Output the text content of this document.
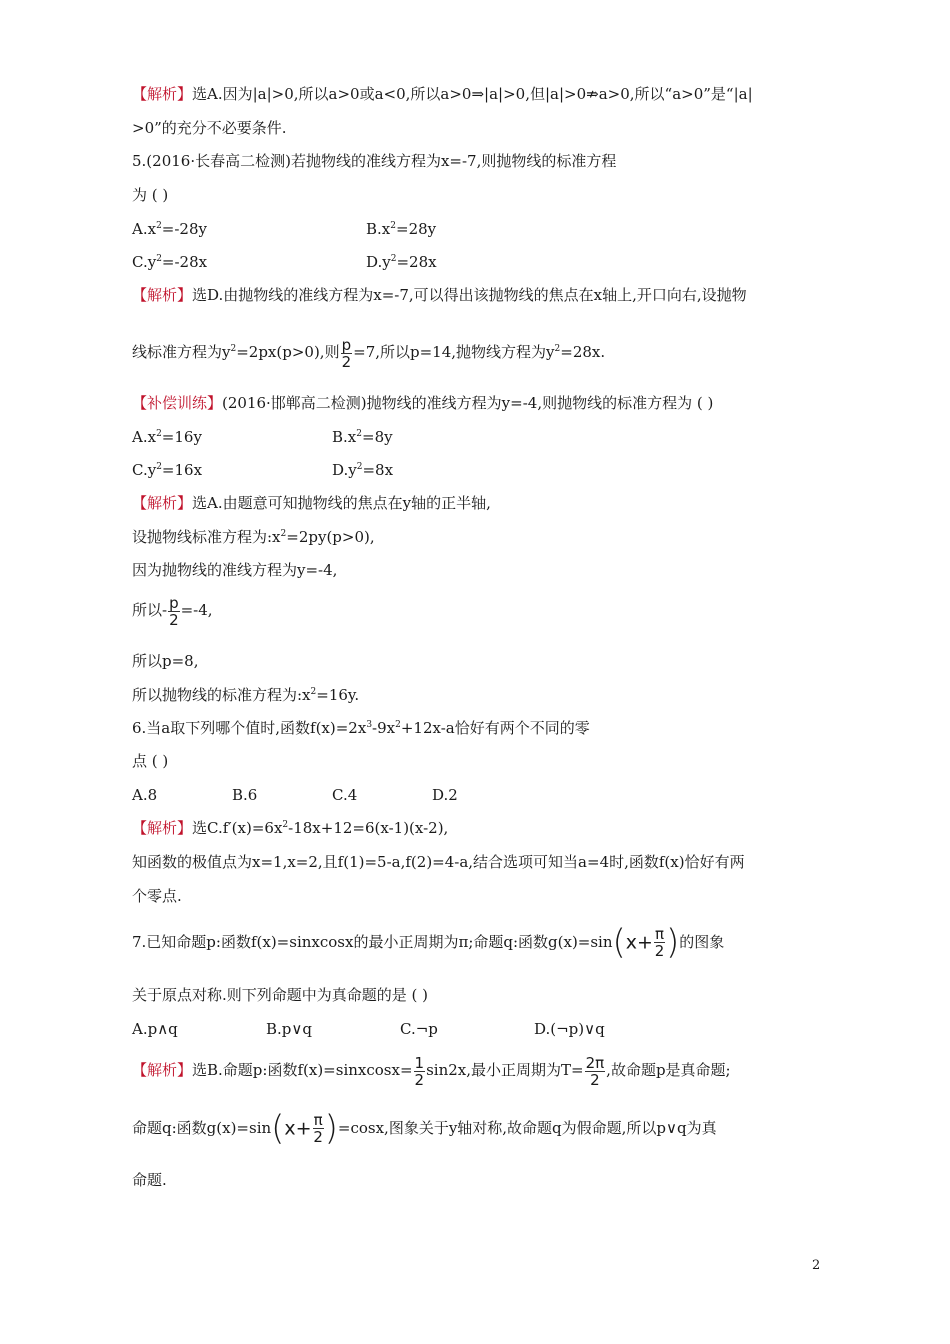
【解析】选A.因为|a|>0,所以a>0或a<0,所以a>0⇒|a|>0,但|a|>0⇏a>0,所以“a>0”是“|a|
>0”的充分不必要条件.
5.(2016·长春高二检测)若抛物线的准线方程为x=-7,则抛物线的标准方程
为 ( )
$A.x^2=-28y$	$B.x^2=28y$
$C.y^2=-28x$	$D.y^2=28x$
【解析】选D.由抛物线的准线方程为x=-7,可以得出该抛物线的焦点在x轴上,开口向右,设抛物
线标准方程为$y^2=2px(p>0)$,则 $\frac{p}{2} =7$,所以p=14,抛物线方程为$y^2=28x$.
【补偿训练】(2016·邯郸高二检测)抛物线的准线方程为y=-4,则抛物线的标准方程为 ( )
$A.x^2=16y$	$B.x^2=8y$
$C.y^2=16x$	$D.y^2=8x$
【解析】选A.由题意可知抛物线的焦点在y轴的正半轴,
设抛物线标准方程为$:x^2=2py(p>0)$,
因为抛物线的准线方程为y=-4,
所以- $\frac{p}{2} =-4$,
所以p=8,
所以抛物线的标准方程为$:x^2=16y$.
6.当a取下列哪个值时,函数$f(x)=2x^3-9x^2+12x-a$恰好有两个不同的零
点 ( )
A.8	B.6	C.4	D.2
【解析】选$C.f'(x)=6x^2-18x+12=6(x-1)(x-2)$,
知函数的极值点为x=1,x=2,且f(1)=5-a,f(2)=4-a,结合选项可知当a=4时,函数f(x)恰好有两
个零点.
7.已知命题p:函数f(x)=sinxcosx的最小正周期为π;命题q:函数$g(x)=\sin(x+ \frac{\pi}{2}$ )的图象
关于原点对称.则下列命题中为真命题的是 ( )
A.p∧q	B.p∨q	C.¬p	D.(¬p)∨q
【解析】选B.命题p:函数f(x)=sinxcosx= $\frac{1}{2} \sin 2x$,最小正周期为$T= \frac{2\pi}{2}$ ,故命题p是真命题;
命题q:函数$g(x)=\sin(x+ \frac{\pi}{2} )=\cos x$,图象关于y轴对称,故命题q为假命题,所以p∨q为真
命题.
2
